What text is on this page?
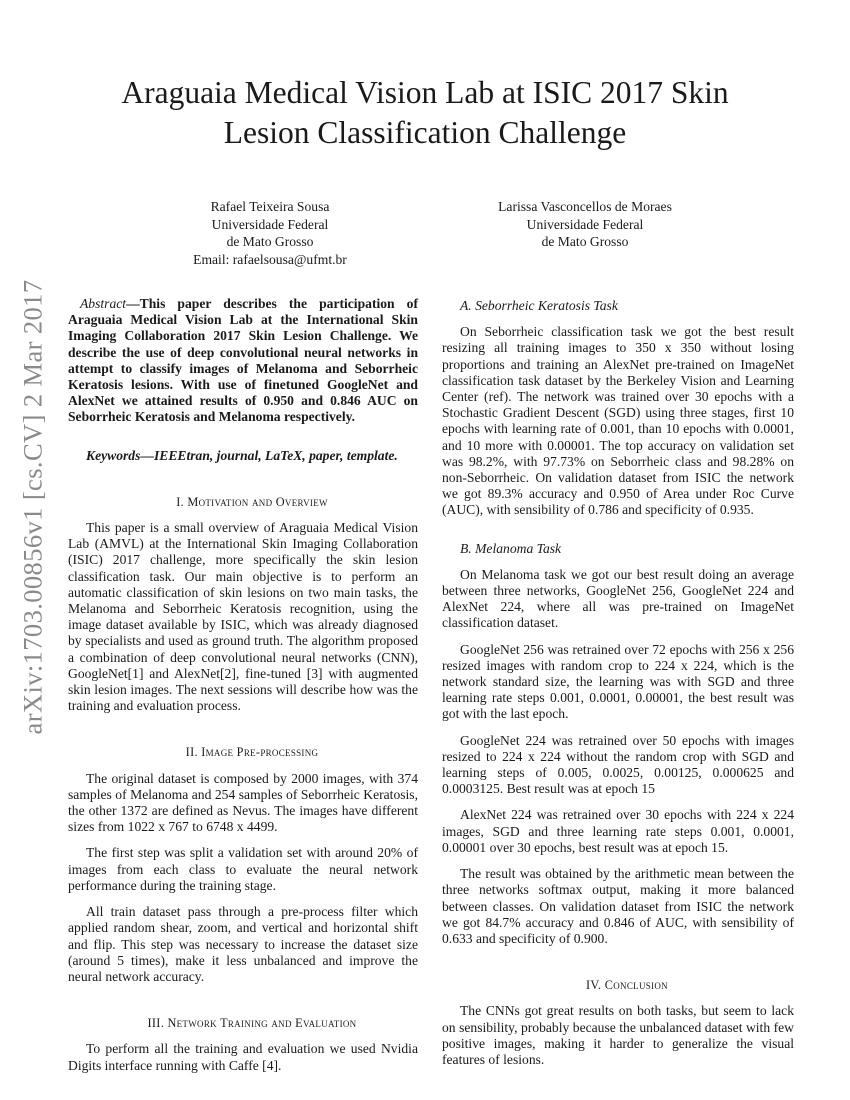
arXiv:1703.00856v1 [cs.CV] 2 Mar 2017
Araguaia Medical Vision Lab at ISIC 2017 Skin
Lesion Classification Challenge
Rafael Teixeira Sousa
Universidade Federal
de Mato Grosso
Email: rafaelsousa@ufmt.br
Larissa Vasconcellos de Moraes
Universidade Federal
de Mato Grosso

Abstract—This paper describes the participation of Araguaia Medical Vision Lab at the International Skin Imaging Collaboration 2017 Skin Lesion Challenge. We describe the use of deep convolutional neural networks in attempt to classify images of Melanoma and Seborrheic Keratosis lesions. With use of finetuned GoogleNet and AlexNet we attained results of 0.950 and 0.846 AUC on Seborrheic Keratosis and Melanoma respectively.

Keywords—IEEEtran, journal, LaTeX, paper, template.

I. Motivation and Overview

This paper is a small overview of Araguaia Medical Vision Lab (AMVL) at the International Skin Imaging Collaboration (ISIC) 2017 challenge, more specifically the skin lesion classification task. Our main objective is to perform an automatic classification of skin lesions on two main tasks, the Melanoma and Seborrheic Keratosis recognition, using the image dataset available by ISIC, which was already diagnosed by specialists and used as ground truth. The algorithm proposed a combination of deep convolutional neural networks (CNN), GoogleNet[1] and AlexNet[2], fine-tuned [3] with augmented skin lesion images. The next sessions will describe how was the training and evaluation process.

II. Image Pre-processing

The original dataset is composed by 2000 images, with 374 samples of Melanoma and 254 samples of Seborrheic Keratosis, the other 1372 are defined as Nevus. The images have different sizes from 1022 x 767 to 6748 x 4499.

The first step was split a validation set with around 20% of images from each class to evaluate the neural network performance during the training stage.

All train dataset pass through a pre-process filter which applied random shear, zoom, and vertical and horizontal shift and flip. This step was necessary to increase the dataset size (around 5 times), make it less unbalanced and improve the neural network accuracy.

III. Network Training and Evaluation

To perform all the training and evaluation we used Nvidia Digits interface running with Caffe [4].

A. Seborrheic Keratosis Task

On Seborrheic classification task we got the best result resizing all training images to 350 x 350 without losing proportions and training an AlexNet pre-trained on ImageNet classification task dataset by the Berkeley Vision and Learning Center (ref). The network was trained over 30 epochs with a Stochastic Gradient Descent (SGD) using three stages, first 10 epochs with learning rate of 0.001, than 10 epochs with 0.0001, and 10 more with 0.00001. The top accuracy on validation set was 98.2%, with 97.73% on Seborrheic class and 98.28% on non-Seborrheic. On validation dataset from ISIC the network we got 89.3% accuracy and 0.950 of Area under Roc Curve (AUC), with sensibility of 0.786 and specificity of 0.935.

B. Melanoma Task

On Melanoma task we got our best result doing an average between three networks, GoogleNet 256, GoogleNet 224 and AlexNet 224, where all was pre-trained on ImageNet classification dataset.

GoogleNet 256 was retrained over 72 epochs with 256 x 256 resized images with random crop to 224 x 224, which is the network standard size, the learning was with SGD and three learning rate steps 0.001, 0.0001, 0.00001, the best result was got with the last epoch.

GoogleNet 224 was retrained over 50 epochs with images resized to 224 x 224 without the random crop with SGD and learning steps of 0.005, 0.0025, 0.00125, 0.000625 and 0.0003125. Best result was at epoch 15

AlexNet 224 was retrained over 30 epochs with 224 x 224 images, SGD and three learning rate steps 0.001, 0.0001, 0.00001 over 30 epochs, best result was at epoch 15.

The result was obtained by the arithmetic mean between the three networks softmax output, making it more balanced between classes. On validation dataset from ISIC the network we got 84.7% accuracy and 0.846 of AUC, with sensibility of 0.633 and specificity of 0.900.

IV. Conclusion

The CNNs got great results on both tasks, but seem to lack on sensibility, probably because the unbalanced dataset with few positive images, making it harder to generalize the visual features of lesions.
